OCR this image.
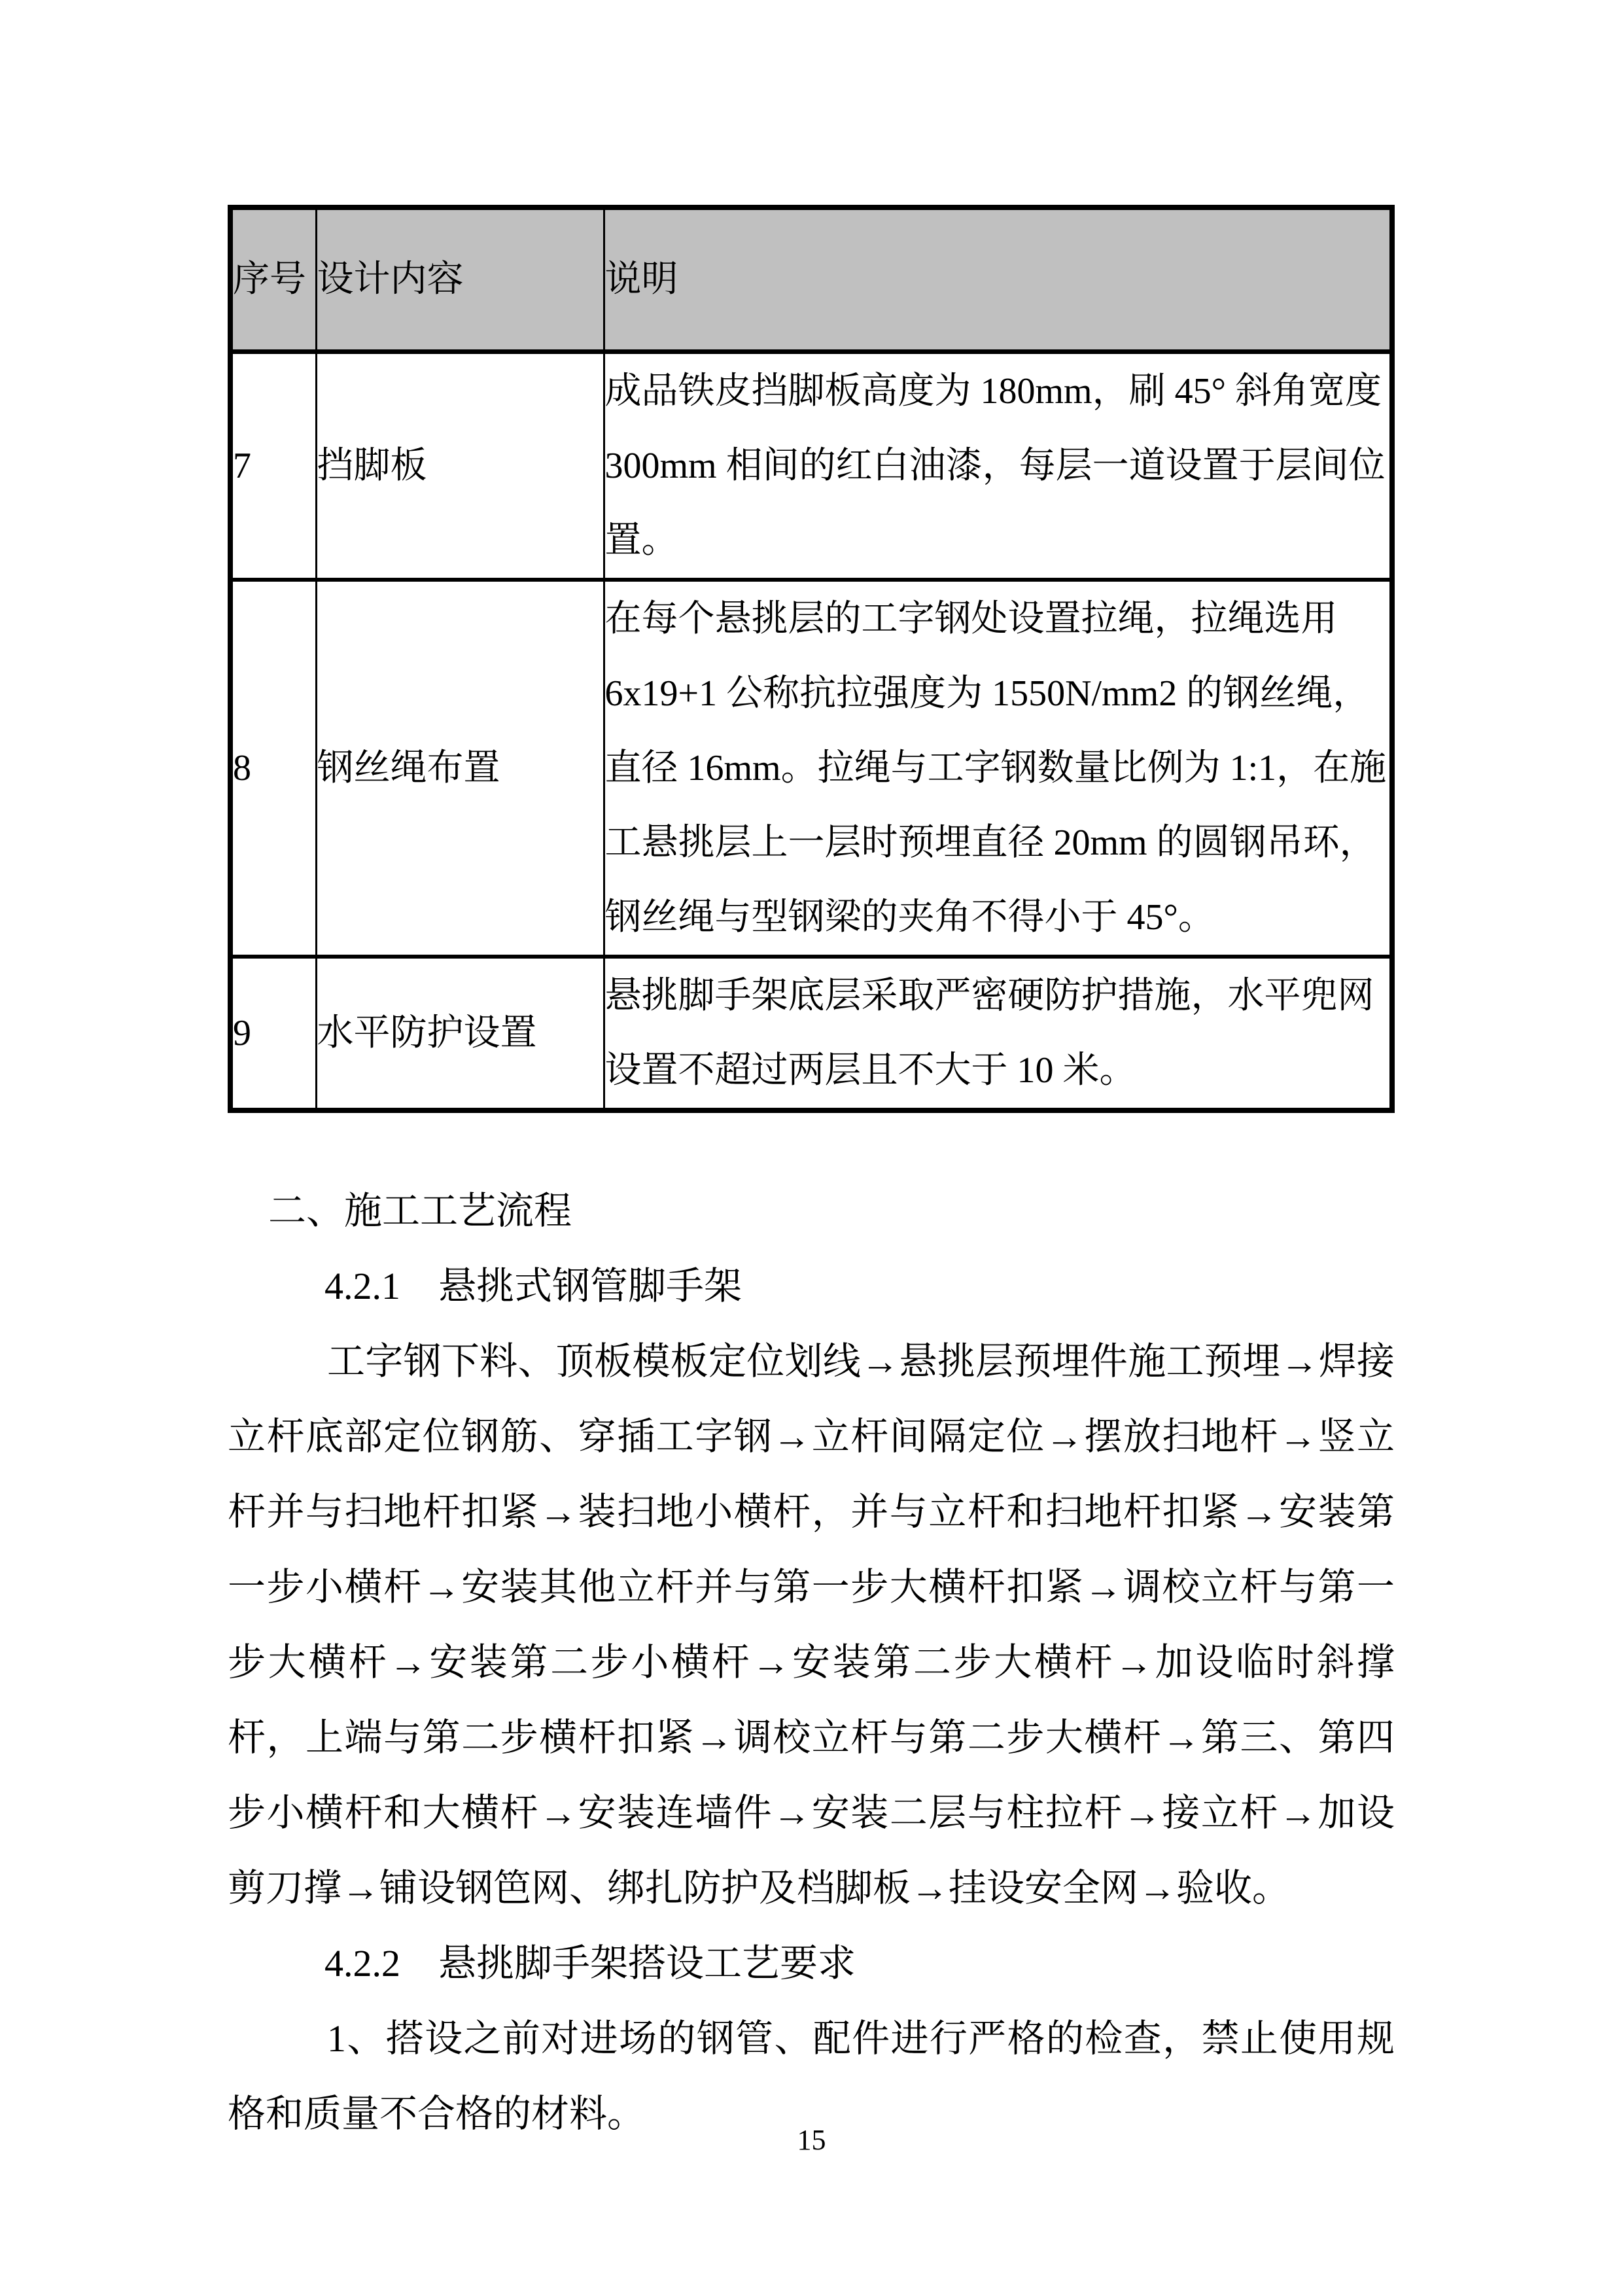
序号	设计内容	说明
7	挡脚板	成品铁皮挡脚板高度为 180mm，刷 45° 斜角宽度 300mm 相间的红白油漆，每层一道设置于层间位置。
8	钢丝绳布置	在每个悬挑层的工字钢处设置拉绳，拉绳选用 6x19+1 公称抗拉强度为 1550N/mm2 的钢丝绳，直径 16mm。拉绳与工字钢数量比例为 1:1，在施工悬挑层上一层时预埋直径 20mm 的圆钢吊环，钢丝绳与型钢梁的夹角不得小于 45°。
9	水平防护设置	悬挑脚手架底层采取严密硬防护措施，水平兜网设置不超过两层且不大于 10 米。
二、施工工艺流程
4.2.1　悬挑式钢管脚手架

工字钢下料、顶板模板定位划线→悬挑层预埋件施工预埋→焊接立杆底部定位钢筋、穿插工字钢→立杆间隔定位→摆放扫地杆→竖立杆并与扫地杆扣紧→装扫地小横杆，并与立杆和扫地杆扣紧→安装第一步小横杆→安装其他立杆并与第一步大横杆扣紧→调校立杆与第一步大横杆→安装第二步小横杆→安装第二步大横杆→加设临时斜撑杆，上端与第二步横杆扣紧→调校立杆与第二步大横杆→第三、第四步小横杆和大横杆→安装连墙件→安装二层与柱拉杆→接立杆→加设剪刀撑→铺设钢笆网、绑扎防护及档脚板→挂设安全网→验收。

4.2.2　悬挑脚手架搭设工艺要求

1、搭设之前对进场的钢管、配件进行严格的检查，禁止使用规格和质量不合格的材料。

15
